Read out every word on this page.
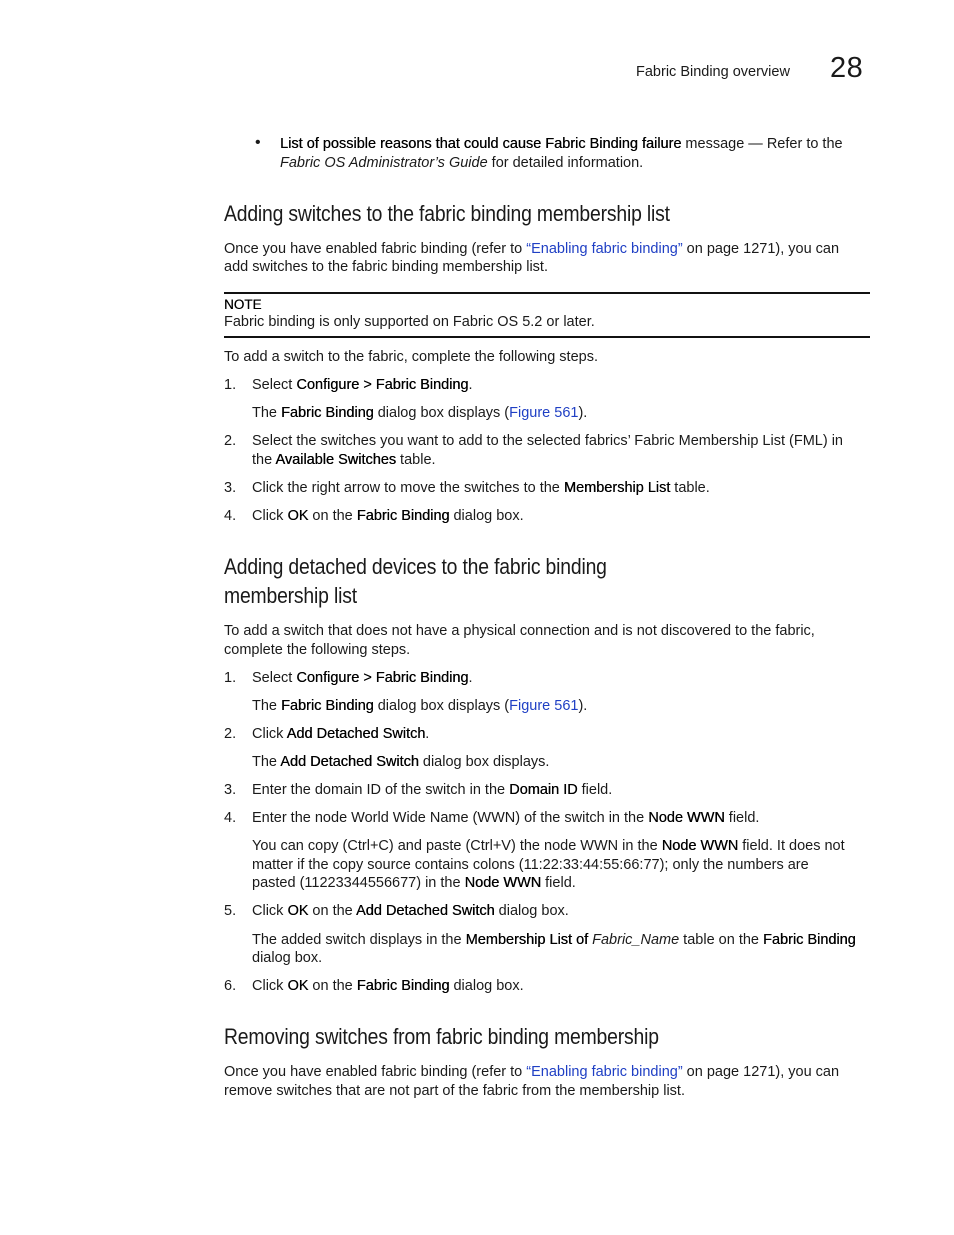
Fabric Binding overview 28
• List of possible reasons that could cause Fabric Binding failure message — Refer to the
Fabric OS Administrator’s Guide for detailed information.
Adding switches to the fabric binding membership list
Once you have enabled fabric binding (refer to “Enabling fabric binding” on page 1271), you can
add switches to the fabric binding membership list.
NOTE
Fabric binding is only supported on Fabric OS 5.2 or later.
To add a switch to the fabric, complete the following steps.
1.	Select Configure > Fabric Binding.
The Fabric Binding dialog box displays (Figure 561).
2.	Select the switches you want to add to the selected fabrics’ Fabric Membership List (FML) in
the Available Switches table.
3.	Click the right arrow to move the switches to the Membership List table.
4.	Click OK on the Fabric Binding dialog box.
Adding detached devices to the fabric binding
membership list
To add a switch that does not have a physical connection and is not discovered to the fabric,
complete the following steps.
1.	Select Configure > Fabric Binding.
The Fabric Binding dialog box displays (Figure 561).
2.	Click Add Detached Switch.
The Add Detached Switch dialog box displays.
3.	Enter the domain ID of the switch in the Domain ID field.
4.	Enter the node World Wide Name (WWN) of the switch in the Node WWN field.
You can copy (Ctrl+C) and paste (Ctrl+V) the node WWN in the Node WWN field. It does not
matter if the copy source contains colons (11:22:33:44:55:66:77); only the numbers are
pasted (11223344556677) in the Node WWN field.
5.	Click OK on the Add Detached Switch dialog box.
The added switch displays in the Membership List of Fabric_Name table on the Fabric Binding
dialog box.
6.	Click OK on the Fabric Binding dialog box.
Removing switches from fabric binding membership
Once you have enabled fabric binding (refer to “Enabling fabric binding” on page 1271), you can
remove switches that are not part of the fabric from the membership list.
